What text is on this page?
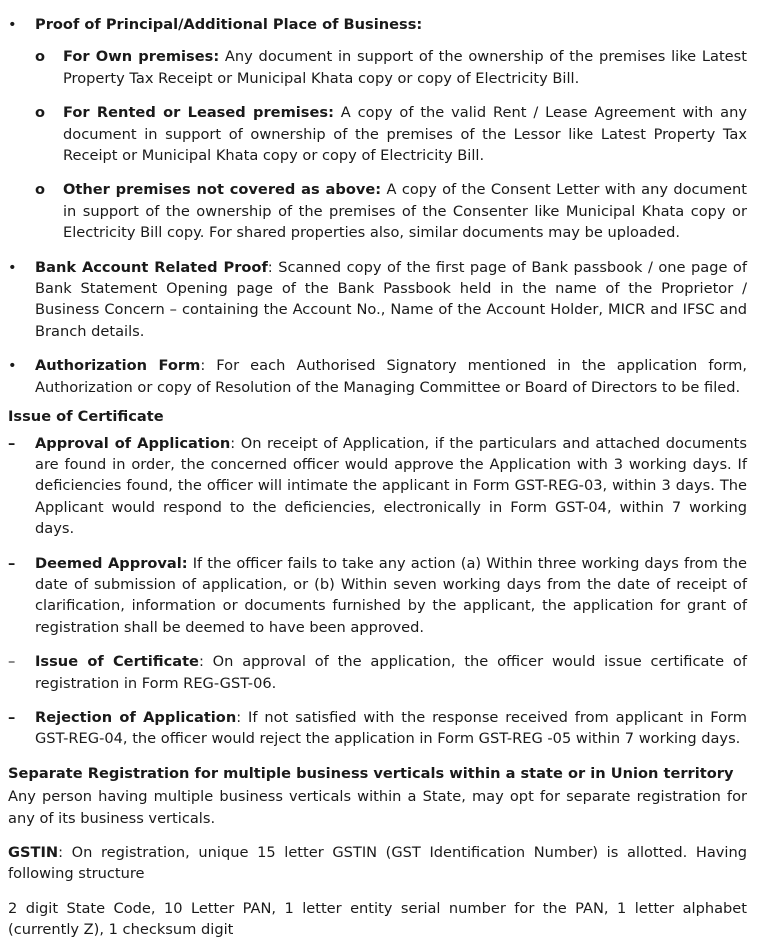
•	Proof of Principal/Additional Place of Business:
o	For Own premises: Any document in support of the ownership of the premises like Latest Property Tax Receipt or Municipal Khata copy or copy of Electricity Bill.
o	For Rented or Leased premises: A copy of the valid Rent / Lease Agreement with any document in support of ownership of the premises of the Lessor like Latest Property Tax Receipt or Municipal Khata copy or copy of Electricity Bill.
o	Other premises not covered as above: A copy of the Consent Letter with any document in support of the ownership of the premises of the Consenter like Municipal Khata copy or Electricity Bill copy. For shared properties also, similar documents may be uploaded.
•	Bank Account Related Proof: Scanned copy of the first page of Bank passbook / one page of Bank Statement Opening page of the Bank Passbook held in the name of the Proprietor / Business Concern – containing the Account No., Name of the Account Holder, MICR and IFSC and Branch details.
•	Authorization Form: For each Authorised Signatory mentioned in the application form, Authorization or copy of Resolution of the Managing Committee or Board of Directors to be filed.
Issue of Certificate
–	Approval of Application: On receipt of Application, if the particulars and attached documents are found in order, the concerned officer would approve the Application with 3 working days. If deficiencies found, the officer will intimate the applicant in Form GST-REG-03, within 3 days. The Applicant would respond to the deficiencies, electronically in Form GST-04, within 7 working days.
–	Deemed Approval: If the officer fails to take any action (a) Within three working days from the date of submission of application, or (b) Within seven working days from the date of receipt of clarification, information or documents furnished by the applicant, the application for grant of registration shall be deemed to have been approved.
–	Issue of Certificate: On approval of the application, the officer would issue certificate of registration in Form REG-GST-06.
–	Rejection of Application: If not satisfied with the response received from applicant in Form GST-REG-04, the officer would reject the application in Form GST-REG -05 within 7 working days.
Separate Registration for multiple business verticals within a state or in Union territory
Any person having multiple business verticals within a State, may opt for separate registration for any of its business verticals.
GSTIN: On registration, unique 15 letter GSTIN (GST Identification Number) is allotted. Having following structure
2 digit State Code, 10 Letter PAN, 1 letter entity serial number for the PAN, 1 letter alphabet (currently Z), 1 checksum digit
